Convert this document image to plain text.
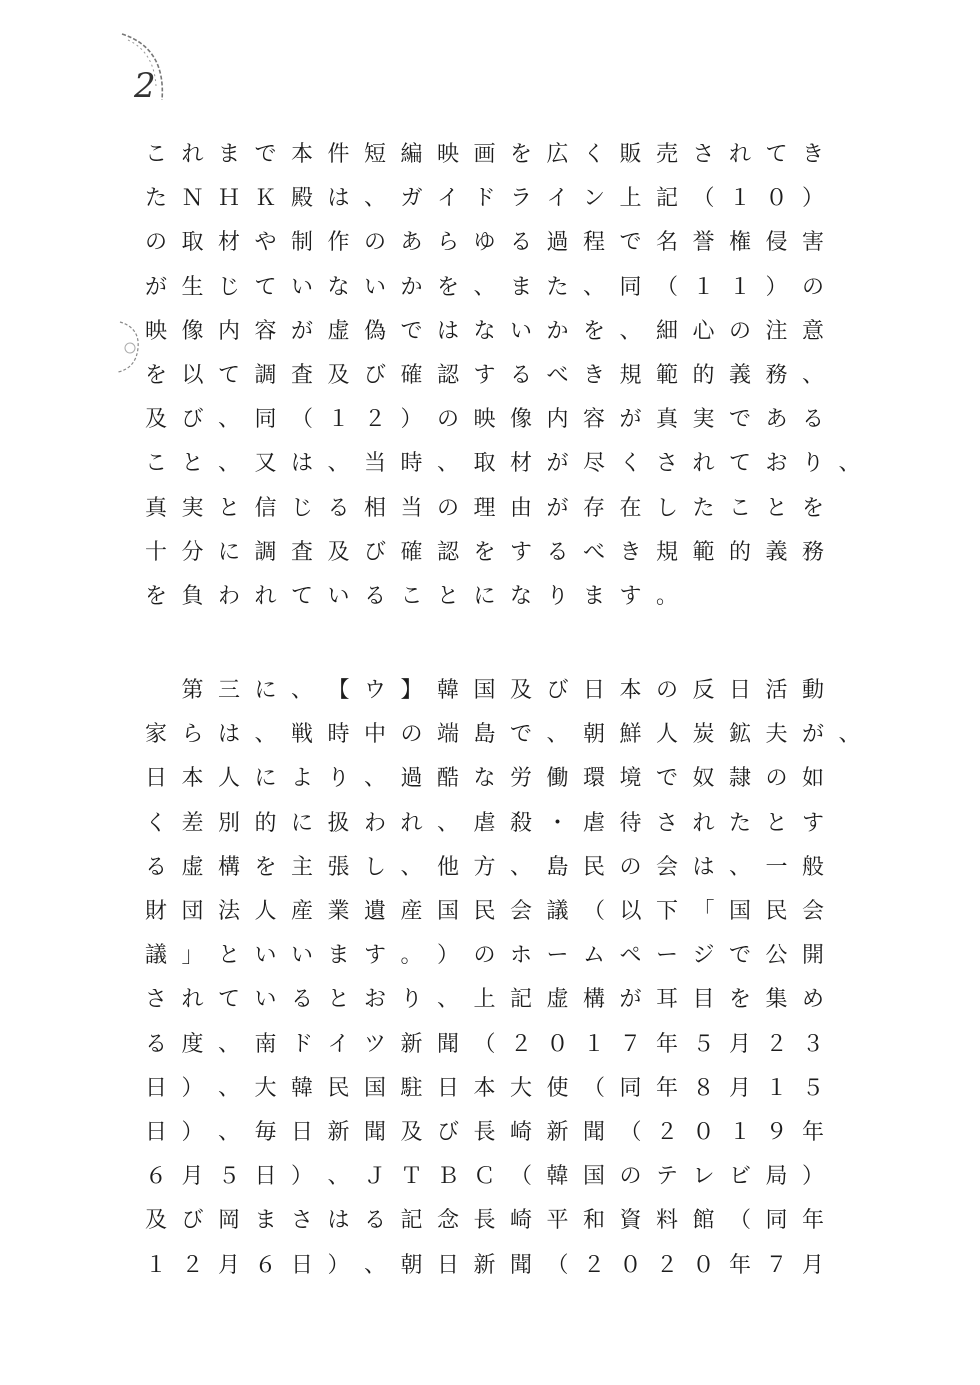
2
こ れ ま で 本 件 短 編 映 画 を 広 く 販 売 さ れ て き
た Ｎ Ｈ Ｋ 殿 は 、 ガ イ ド ラ イ ン 上 記 （ １ ０ ）
の 取 材 や 制 作 の あ ら ゆ る 過 程 で 名 誉 権 侵 害
が 生 じ て い な い か を 、 ま た 、 同 （ １ １ ） の
映 像 内 容 が 虚 偽 で は な い か を 、 細 心 の 注 意
を 以 て 調 査 及 び 確 認 す る べ き 規 範 的 義 務 、
及 び 、 同 （ １ ２ ） の 映 像 内 容 が 真 実 で あ る
こ と 、 又 は 、 当 時 、 取 材 が 尽 く さ れ て お り 、
真 実 と 信 じ る 相 当 の 理 由 が 存 在 し た こ と を
十 分 に 調 査 及 び 確 認 を す る べ き 規 範 的 義 務
を 負 わ れ て い る こ と に な り ま す 。

第 三 に 、 【 ウ 】 韓 国 及 び 日 本 の 反 日 活 動
家 ら は 、 戦 時 中 の 端 島 で 、 朝 鮮 人 炭 鉱 夫 が 、
日 本 人 に よ り 、 過 酷 な 労 働 環 境 で 奴 隷 の 如
く 差 別 的 に 扱 わ れ 、 虐 殺 ・ 虐 待 さ れ た と す
る 虚 構 を 主 張 し 、 他 方 、 島 民 の 会 は 、 一 般
財 団 法 人 産 業 遺 産 国 民 会 議 （ 以 下 「 国 民 会
議 」 と い い ま す 。 ） の ホ ー ム ペ ー ジ で 公 開
さ れ て い る と お り 、 上 記 虚 構 が 耳 目 を 集 め
る 度 、 南 ド イ ツ 新 聞 （ ２ ０ １ ７ 年 ５ 月 ２ ３
日 ） 、 大 韓 民 国 駐 日 本 大 使 （ 同 年 ８ 月 １ ５
日 ） 、 毎 日 新 聞 及 び 長 崎 新 聞 （ ２ ０ １ ９ 年
６ 月 ５ 日 ） 、 Ｊ Ｔ Ｂ Ｃ （ 韓 国 の テ レ ビ 局 ）
及 び 岡 ま さ は る 記 念 長 崎 平 和 資 料 館 （ 同 年
１ ２ 月 ６ 日 ） 、 朝 日 新 聞 （ ２ ０ ２ ０ 年 ７ 月
